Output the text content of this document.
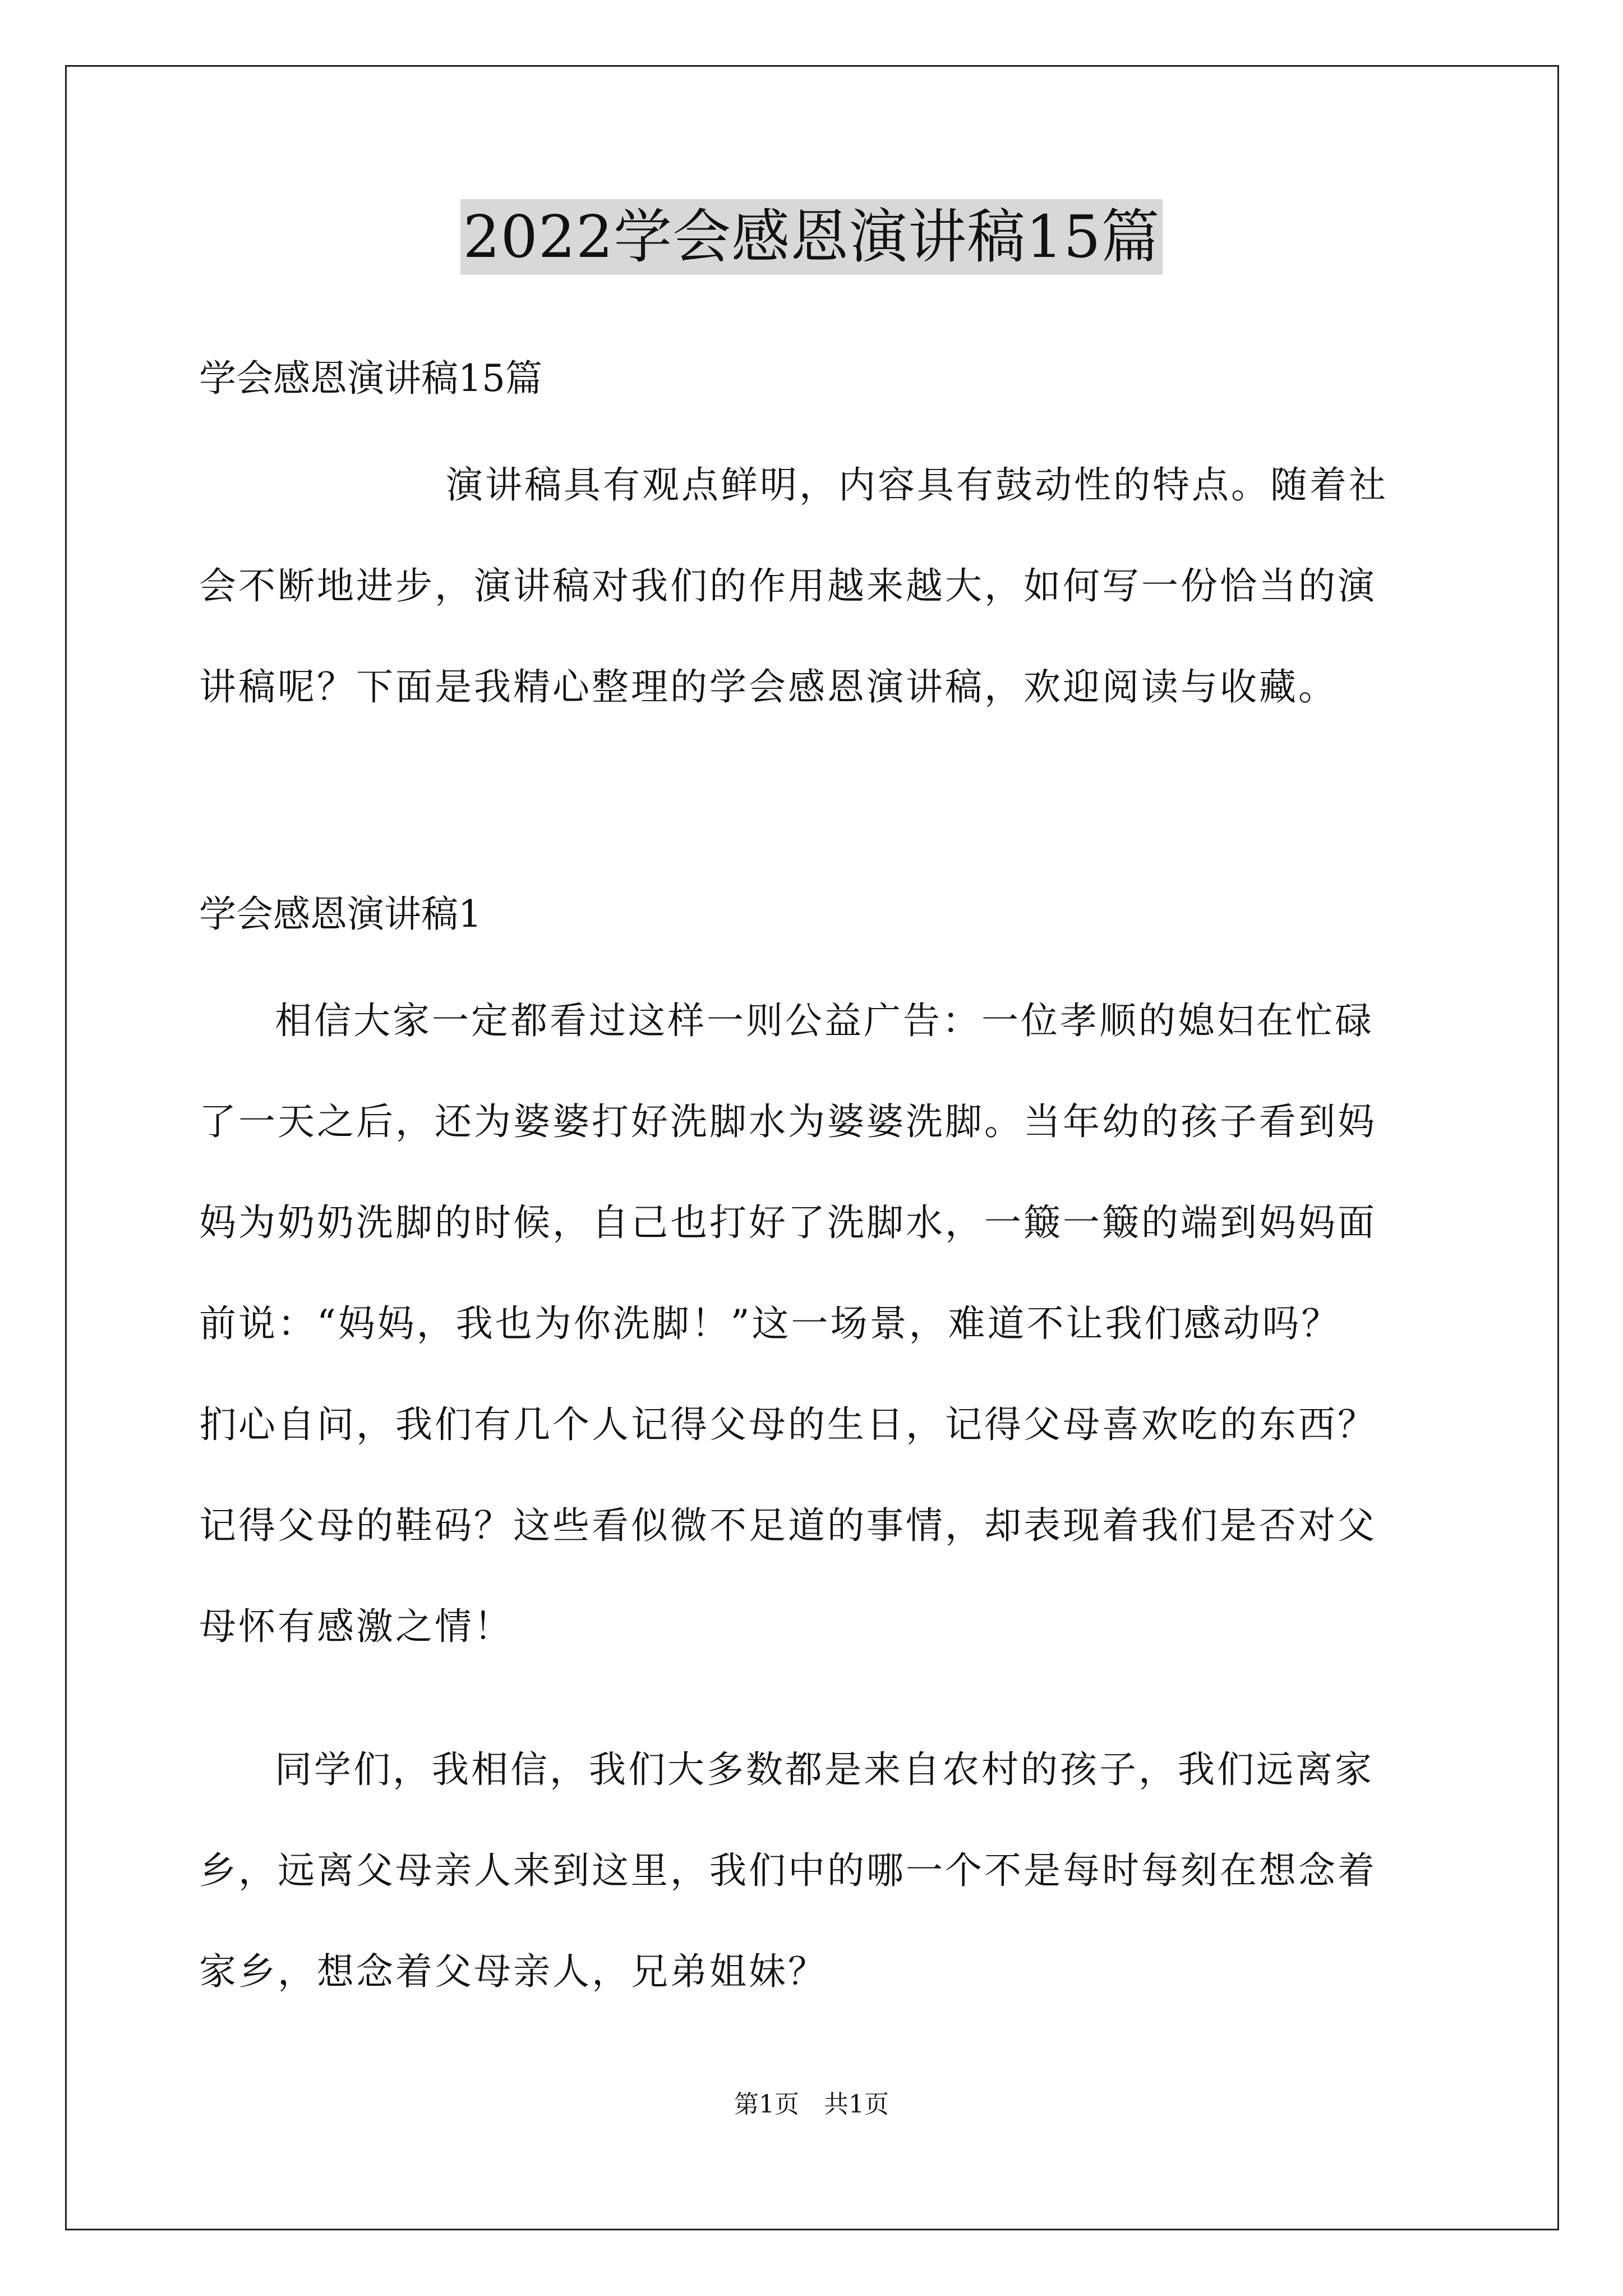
2022学会感恩演讲稿15篇
学会感恩演讲稿15篇
演讲稿具有观点鲜明，内容具有鼓动性的特点。随着社
会不断地进步，演讲稿对我们的作用越来越大，如何写一份恰当的演
讲稿呢？下面是我精心整理的学会感恩演讲稿，欢迎阅读与收藏。
学会感恩演讲稿1
相信大家一定都看过这样一则公益广告：一位孝顺的媳妇在忙碌
了一天之后，还为婆婆打好洗脚水为婆婆洗脚。当年幼的孩子看到妈
妈为奶奶洗脚的时候，自己也打好了洗脚水，一簸一簸的端到妈妈面
前说：“妈妈，我也为你洗脚！”这一场景，难道不让我们感动吗？
扪心自问，我们有几个人记得父母的生日，记得父母喜欢吃的东西？
记得父母的鞋码？这些看似微不足道的事情，却表现着我们是否对父
母怀有感激之情！
同学们，我相信，我们大多数都是来自农村的孩子，我们远离家
乡，远离父母亲人来到这里，我们中的哪一个不是每时每刻在想念着
家乡，想念着父母亲人，兄弟姐妹？
第1页　共1页
